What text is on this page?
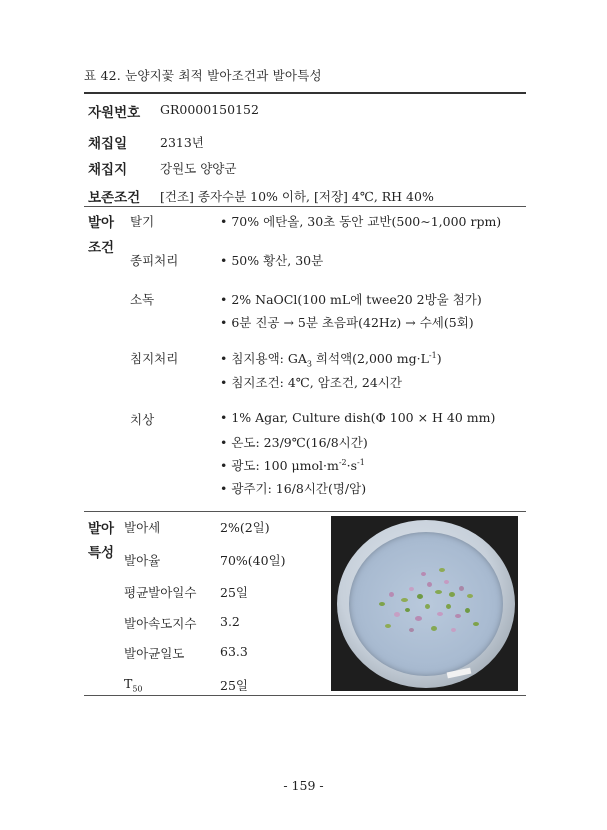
표 42. 눈양지꽃 최적 발아조건과 발아특성
자원번호 GR0000150152
채집일	2313년
채집지	강원도 양양군
보존조건 [건조] 종자수분 10% 이하, [저장] 4℃, RH 40%
발아
조건
탈기	• 70% 에탄올, 30초 동안 교반(500∼1,000 rpm)
종피처리	• 50% 황산, 30분
소독	• 2% NaOCl(100 mL에 twee20 2방울 첨가)
• 6분 진공 → 5분 초음파(42Hz) → 수세(5회)
침지처리	• 침지용액: $GA_3$ 희석액(2,000 $mg\cdot L^{-1}$)
• 침지조건: 4℃, 암조건, 24시간
치상	• 1% Agar, Culture dish(Φ 100 × H 40 mm)
• 온도: 23/9℃(16/8시간)
• 광도: 100 $\mu mol\cdot m^{-2}\cdot s^{-1}$
• 광주기: 16/8시간(명/암)
발아
특성
발아세	2%(2일)
발아율	70%(40일)
평균발아일수 25일
발아속도지수 3.2
발아균일도	63.3
$T_{50}$	25일
- 159 -
